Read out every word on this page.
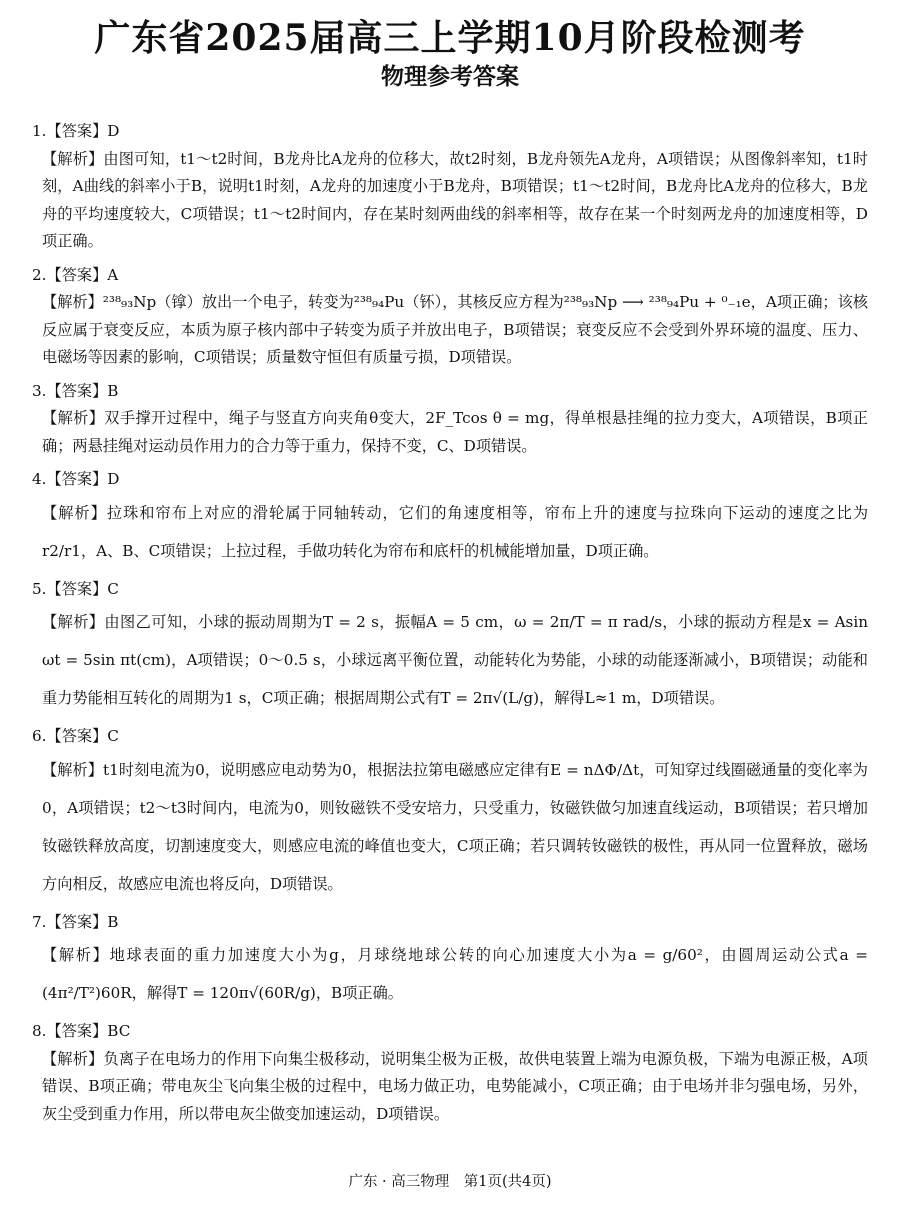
广东省2025届高三上学期10月阶段检测考
物理参考答案
1.【答案】D
【解析】由图可知，t1～t2时间，B龙舟比A龙舟的位移大，故t2时刻，B龙舟领先A龙舟，A项错误；从图像斜率知，t1时刻，A曲线的斜率小于B，说明t1时刻，A龙舟的加速度小于B龙舟，B项错误；t1～t2时间，B龙舟比A龙舟的位移大，B龙舟的平均速度较大，C项错误；t1～t2时间内，存在某时刻两曲线的斜率相等，故存在某一个时刻两龙舟的加速度相等，D项正确。
2.【答案】A
【解析】²³⁸₉₃Np（镎）放出一个电子，转变为²³⁸₉₄Pu（钚），其核反应方程为²³⁸₉₃Np ⟶ ²³⁸₉₄Pu + ⁰₋₁e，A项正确；该核反应属于衰变反应，本质为原子核内部中子转变为质子并放出电子，B项错误；衰变反应不会受到外界环境的温度、压力、电磁场等因素的影响，C项错误；质量数守恒但有质量亏损，D项错误。
3.【答案】B
【解析】双手撑开过程中，绳子与竖直方向夹角θ变大，2F_Tcos θ = mg，得单根悬挂绳的拉力变大，A项错误，B项正确；两悬挂绳对运动员作用力的合力等于重力，保持不变，C、D项错误。
4.【答案】D
【解析】拉珠和帘布上对应的滑轮属于同轴转动，它们的角速度相等，帘布上升的速度与拉珠向下运动的速度之比为r2/r1，A、B、C项错误；上拉过程，手做功转化为帘布和底杆的机械能增加量，D项正确。
5.【答案】C
【解析】由图乙可知，小球的振动周期为T = 2 s，振幅A = 5 cm，ω = 2π/T = π rad/s，小球的振动方程是x = Asin ωt = 5sin πt(cm)，A项错误；0～0.5 s，小球远离平衡位置，动能转化为势能，小球的动能逐渐减小，B项错误；动能和重力势能相互转化的周期为1 s，C项正确；根据周期公式有T = 2π√(L/g)，解得L≈1 m，D项错误。
6.【答案】C
【解析】t1时刻电流为0，说明感应电动势为0，根据法拉第电磁感应定律有E = nΔΦ/Δt，可知穿过线圈磁通量的变化率为0，A项错误；t2～t3时间内，电流为0，则钕磁铁不受安培力，只受重力，钕磁铁做匀加速直线运动，B项错误；若只增加钕磁铁释放高度，切割速度变大，则感应电流的峰值也变大，C项正确；若只调转钕磁铁的极性，再从同一位置释放，磁场方向相反，故感应电流也将反向，D项错误。
7.【答案】B
【解析】地球表面的重力加速度大小为g，月球绕地球公转的向心加速度大小为a = g/60²，由圆周运动公式a = (4π²/T²)60R，解得T = 120π√(60R/g)，B项正确。
8.【答案】BC
【解析】负离子在电场力的作用下向集尘极移动，说明集尘极为正极，故供电装置上端为电源负极，下端为电源正极，A项错误、B项正确；带电灰尘飞向集尘极的过程中，电场力做正功，电势能减小，C项正确；由于电场并非匀强电场，另外，灰尘受到重力作用，所以带电灰尘做变加速运动，D项错误。
广东 · 高三物理　第1页(共4页)
